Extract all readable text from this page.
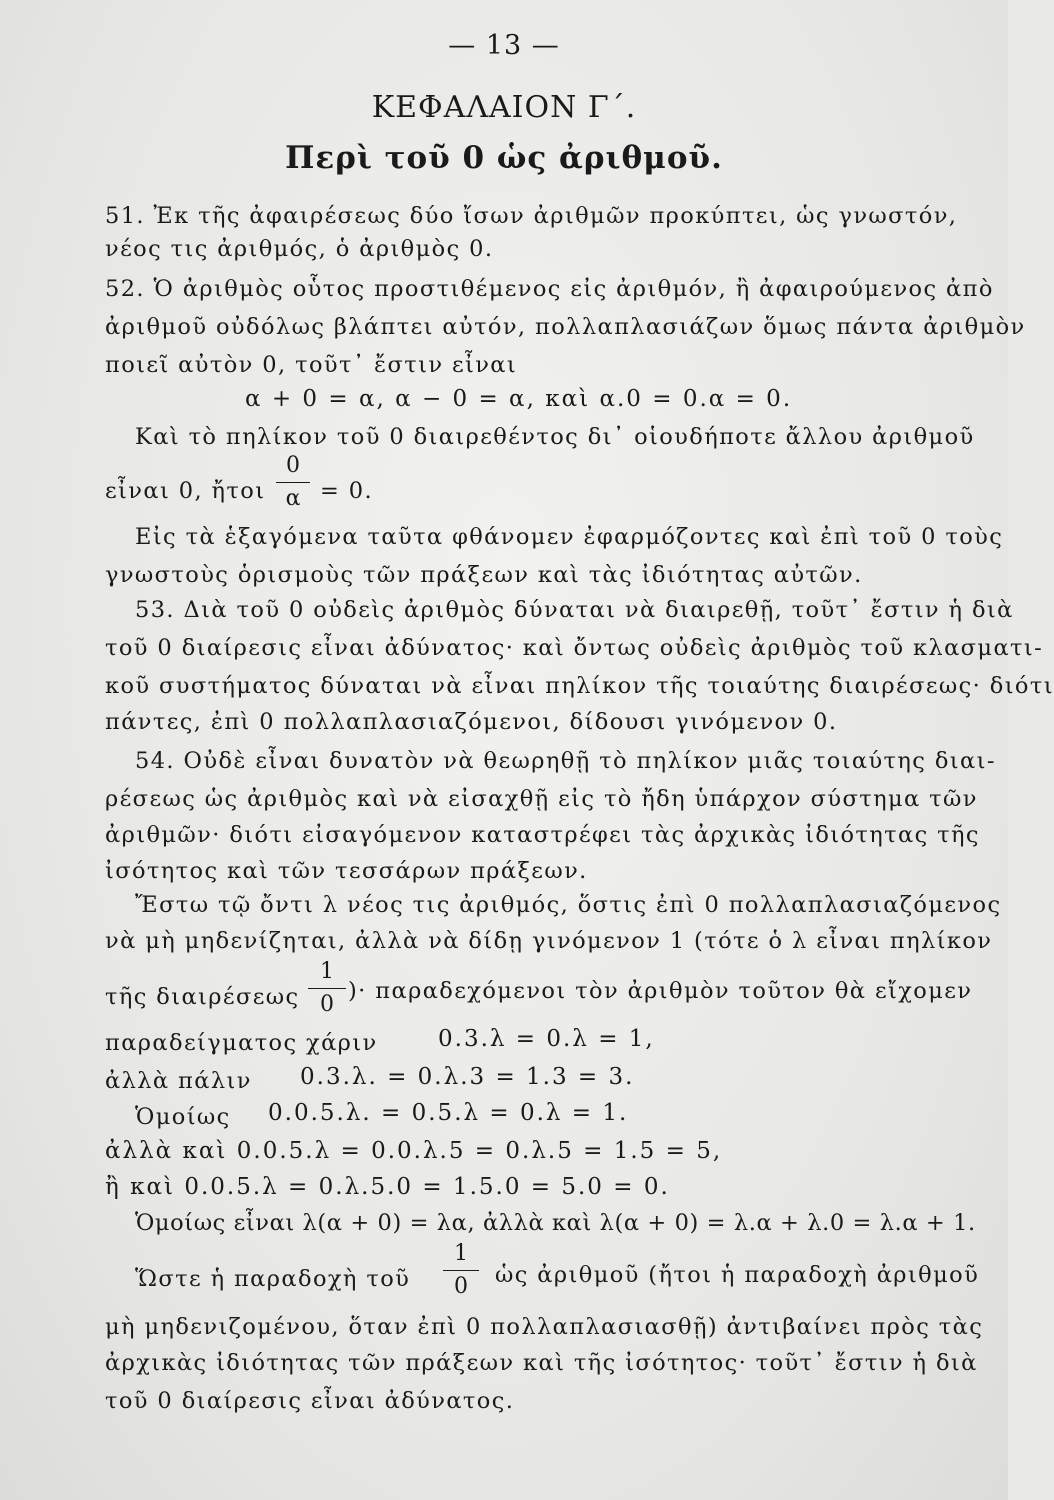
— 13 —
ΚΕΦΑΛΑΙΟΝ Γ΄.
Περὶ τοῦ 0 ὡς ἀριθμοῦ.
51. Ἐκ τῆς ἀφαιρέσεως δύο ἴσων ἀριθμῶν προκύπτει, ὡς γνωστόν,
νέος τις ἀριθμός, ὁ ἀριθμὸς 0.
52. Ὁ ἀριθμὸς οὗτος προστιθέμενος εἰς ἀριθμόν, ἢ ἀφαιρούμενος ἀπὸ
ἀριθμοῦ οὐδόλως βλάπτει αὐτόν, πολλαπλασιάζων ὅμως πάντα ἀριθμὸν
ποιεῖ αὐτὸν 0, τοῦτ᾿ ἔστιν εἶναι
α + 0 = α, α − 0 = α, καὶ α.0 = 0.α = 0.
Καὶ τὸ πηλίκον τοῦ 0 διαιρεθέντος δι᾿ οἱουδήποτε ἄλλου ἀριθμοῦ
εἶναι 0, ἤτοι
0
α = 0.
Εἰς τὰ ἑξαγόμενα ταῦτα φθάνομεν ἐφαρμόζοντες καὶ ἐπὶ τοῦ 0 τοὺς
γνωστοὺς ὁρισμοὺς τῶν πράξεων καὶ τὰς ἰδιότητας αὐτῶν.
53. Διὰ τοῦ 0 οὐδεὶς ἀριθμὸς δύναται νὰ διαιρεθῇ, τοῦτ᾿ ἔστιν ἡ διὰ
τοῦ 0 διαίρεσις εἶναι ἀδύνατος· καὶ ὄντως οὐδεὶς ἀριθμὸς τοῦ κλασματι-
κοῦ συστήματος δύναται νὰ εἶναι πηλίκον τῆς τοιαύτης διαιρέσεως· διότι
πάντες, ἐπὶ 0 πολλαπλασιαζόμενοι, δίδουσι γινόμενον 0.
54. Οὐδὲ εἶναι δυνατὸν νὰ θεωρηθῇ τὸ πηλίκον μιᾶς τοιαύτης διαι-
ρέσεως ὡς ἀριθμὸς καὶ νὰ εἰσαχθῇ εἰς τὸ ἤδη ὑπάρχον σύστημα τῶν
ἀριθμῶν· διότι εἰσαγόμενον καταστρέφει τὰς ἀρχικὰς ἰδιότητας τῆς
ἰσότητος καὶ τῶν τεσσάρων πράξεων.
Ἔστω τῷ ὄντι λ νέος τις ἀριθμός, ὅστις ἐπὶ 0 πολλαπλασιαζόμενος
νὰ μὴ μηδενίζηται, ἀλλὰ νὰ δίδῃ γινόμενον 1 (τότε ὁ λ εἶναι πηλίκον
τῆς διαιρέσεως
1
0
)· παραδεχόμενοι τὸν ἀριθμὸν τοῦτον θὰ εἴχομεν
παραδείγματος χάριν	0.3.λ = 0.λ = 1,
ἀλλὰ πάλιν 0.3.λ. = 0.λ.3 = 1.3 = 3.
Ὁμοίως 0.0.5.λ. = 0.5.λ = 0.λ = 1.
ἀλλὰ καὶ 0.0.5.λ = 0.0.λ.5 = 0.λ.5 = 1.5 = 5,
ἢ καὶ 0.0.5.λ = 0.λ.5.0 = 1.5.0 = 5.0 = 0.
Ὁμοίως εἶναι λ(α + 0) = λα, ἀλλὰ καὶ λ(α + 0) = λ.α + λ.0 = λ.α + 1.
Ὥστε ἡ παραδοχὴ τοῦ
1
0	ὡς ἀριθμοῦ (ἤτοι ἡ παραδοχὴ ἀριθμοῦ
μὴ μηδενιζομένου, ὅταν ἐπὶ 0 πολλαπλασιασθῇ) ἀντιβαίνει πρὸς τὰς
ἀρχικὰς ἰδιότητας τῶν πράξεων καὶ τῆς ἰσότητος· τοῦτ᾿ ἔστιν ἡ διὰ
τοῦ 0 διαίρεσις εἶναι ἀδύνατος.
